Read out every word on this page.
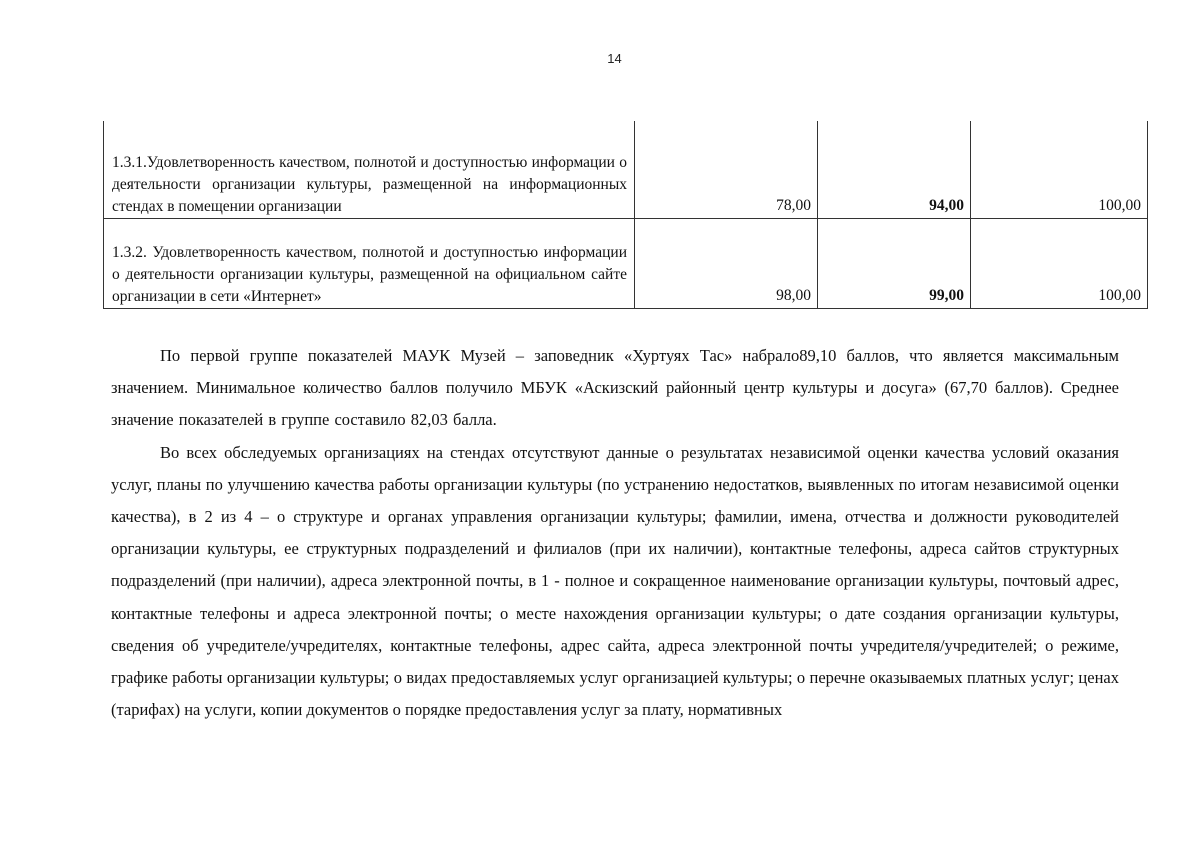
14
1.3.1.Удовлетворенность качеством, полнотой и доступностью информации о деятельности организации культуры, размещенной на информационных стендах в помещении организации	78,00	94,00	100,00

1.3.2. Удовлетворенность качеством, полнотой и доступностью информации о деятельности организации культуры, размещенной на официальном сайте организации в сети «Интернет»	98,00	99,00	100,00

По первой группе показателей МАУК Музей – заповедник «Хуртуях Тас» набрало89,10 баллов, что является максимальным значением. Минимальное количество баллов получило МБУК «Аскизский районный центр культуры и досуга» (67,70 баллов). Среднее значение показателей в группе составило 82,03 балла.

Во всех обследуемых организациях на стендах отсутствуют данные о результатах независимой оценки качества условий оказания услуг, планы по улучшению качества работы организации культуры (по устранению недостатков, выявленных по итогам независимой оценки качества), в 2 из 4 – о структуре и органах управления организации культуры; фамилии, имена, отчества и должности руководителей организации культуры, ее структурных подразделений и филиалов (при их наличии), контактные телефоны, адреса сайтов структурных подразделений (при наличии), адреса электронной почты, в 1 - полное и сокращенное наименование организации культуры, почтовый адрес, контактные телефоны и адреса электронной почты; о месте нахождения организации культуры; о дате создания организации культуры, сведения об учредителе/учредителях, контактные телефоны, адрес сайта, адреса электронной почты учредителя/учредителей; о режиме, графике работы организации культуры; о видах предоставляемых услуг организацией культуры; о перечне оказываемых платных услуг; ценах (тарифах) на услуги, копии документов о порядке предоставления услуг за плату, нормативных
